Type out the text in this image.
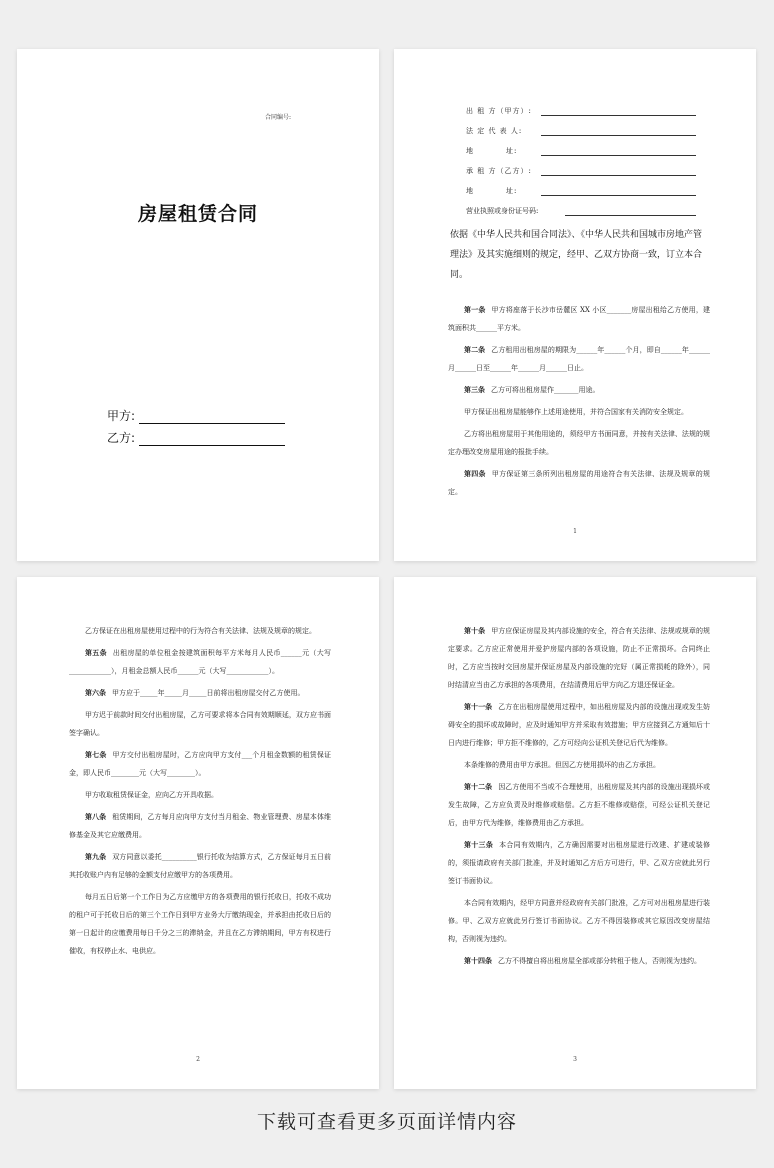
合同编号:
房屋租赁合同
甲方:
乙方:
出 租 方（甲方）:
法 定 代 表 人:
地　　　　址:
承 租 方（乙方）:
地　　　　址:
营业执照或身份证号码:
依据《中华人民共和国合同法》、《中华人民共和国城市房地产管理法》及其实施细则的规定，经甲、乙双方协商一致，订立本合同。

第一条 甲方将座落于长沙市岳麓区 XX 小区_______房屋出租给乙方使用，建筑面积共______平方米。

第二条 乙方租用出租房屋的期限为______年______个月，即自______年______月______日至______年______月______日止。

第三条 乙方可将出租房屋作_______用途。

甲方保证出租房屋能够作上述用途使用，并符合国家有关消防安全规定。

乙方将出租房屋用于其他用途的，须经甲方书面同意，并按有关法律、法规的规定办理改变房屋用途的报批手续。

第四条 甲方保证第三条所列出租房屋的用途符合有关法律、法规及规章的规定。

1

乙方保证在出租房屋使用过程中的行为符合有关法律、法规及规章的规定。

第五条 出租房屋的单位租金按建筑面积每平方米每月人民币______元（大写____________），月租金总额人民币______元（大写____________）。

第六条 甲方应于_____年_____月_____日前将出租房屋交付乙方使用。

甲方迟于前款时间交付出租房屋，乙方可要求将本合同有效期顺延，双方应书面签字确认。

第七条 甲方交付出租房屋时，乙方应向甲方支付___个月租金数额的租赁保证金，即人民币________元（大写________）。

甲方收取租赁保证金，应向乙方开具收据。

第八条 租赁期间，乙方每月应向甲方支付当月租金、物业管理费、房屋本体维修基金及其它应缴费用。

第九条 双方同意以委托__________银行托收为结算方式，乙方保证每月五日前其托收账户内有足够的金额支付应缴甲方的各项费用。

每月五日后第一个工作日为乙方应缴甲方的各项费用的银行托收日，托收不成功的租户可于托收日后的第三个工作日到甲方业务大厅缴纳现金，并承担由托收日后的第一日起计的应缴费用每日千分之三的滞纳金，并且在乙方滞纳期间，甲方有权进行催收，有权停止水、电供应。

2

第十条 甲方应保证房屋及其内部设施的安全，符合有关法律、法规或规章的规定要求。乙方应正常使用并爱护房屋内部的各项设施，防止不正常损坏。合同终止时，乙方应当按时交回房屋并保证房屋及内部设施的完好（属正常损耗的除外），同时结清应当由乙方承担的各项费用，在结清费用后甲方向乙方退还保证金。

第十一条 乙方在出租房屋使用过程中，如出租房屋及内部的设施出现或发生妨碍安全的损坏或故障时，应及时通知甲方并采取有效措施；甲方应接到乙方通知后十日内进行维修；甲方拒不维修的，乙方可经向公证机关登记后代为维修。

本条维修的费用由甲方承担。但因乙方使用损坏的由乙方承担。

第十二条 因乙方使用不当或不合理使用，出租房屋及其内部的设施出现损坏或发生故障，乙方应负责及时维修或赔偿。乙方拒不维修或赔偿，可经公证机关登记后，由甲方代为维修，维修费用由乙方承担。

第十三条 本合同有效期内，乙方确因需要对出租房屋进行改建、扩建或装修的，须报请政府有关部门批准，并及时通知乙方后方可进行，甲、乙双方应就此另行签订书面协议。

本合同有效期内，经甲方同意并经政府有关部门批准，乙方可对出租房屋进行装修。甲、乙双方应就此另行签订书面协议。乙方不得因装修或其它原因改变房屋结构，否则视为违约。

第十四条 乙方不得擅自将出租房屋全部或部分转租于他人，否则视为违约。

3
下载可查看更多页面详情内容
